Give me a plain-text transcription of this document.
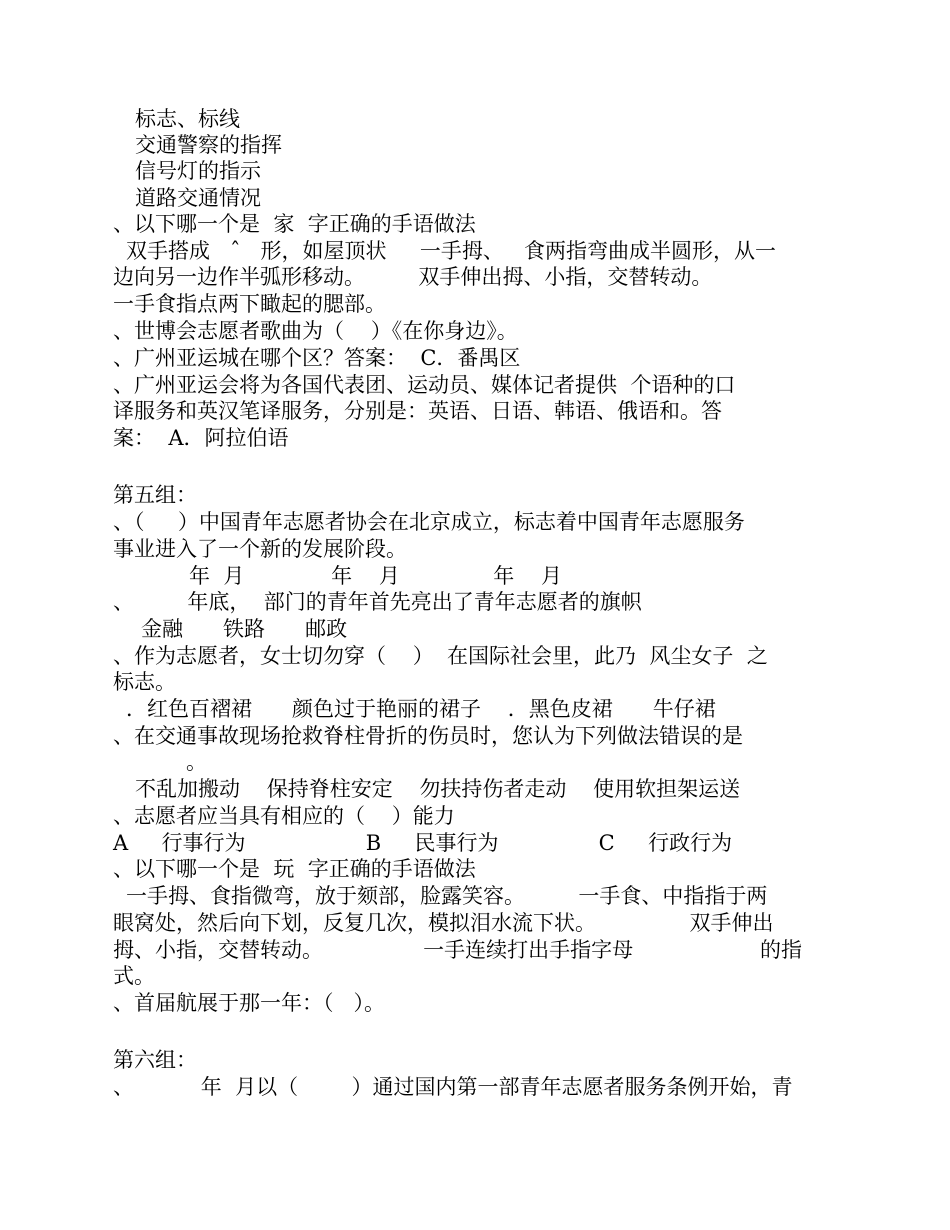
标志、标线

交通警察的指挥

信号灯的指示

道路交通情况

、以下哪一个是  家  字正确的手语做法

双手搭成   ˆ   形，如屋顶状     一手拇、   食两指弯曲成半圆形，从一

边向另一边作半弧形移动。        双手伸出拇、小指，交替转动。

一手食指点两下瞰起的腮部。

、世博会志愿者歌曲为（    ）《在你身边》。

、广州亚运城在哪个区？答案：  C．番禺区

、广州亚运会将为各国代表团、运动员、媒体记者提供  个语种的口

译服务和英汉笔译服务，分别是：英语、日语、韩语、俄语和。答

案：  A．阿拉伯语

第五组：

、（     ）中国青年志愿者协会在北京成立，标志着中国青年志愿服务

事业进入了一个新的发展阶段。

年  月             年    月              年    月

、        年底，  部门的青年首先亮出了青年志愿者的旗帜

金融      铁路      邮政

、作为志愿者，女士切勿穿（    ）  在国际社会里，此乃  风尘女子  之

标志。

．红色百褶裙      颜色过于艳丽的裙子    ．黑色皮裙      牛仔裙

、在交通事故现场抢救脊柱骨折的伤员时，您认为下列做法错误的是

。

不乱加搬动    保持脊柱安定    勿扶持伤者走动    使用软担架运送

、志愿者应当具有相应的（    ）能力

A     行事行为                  B     民事行为               C     行政行为

、以下哪一个是  玩  字正确的手语做法

一手拇、食指微弯，放于颏部，脸露笑容。        一手食、中指指于两

眼窝处，然后向下划，反复几次，模拟泪水流下状。              双手伸出

拇、小指，交替转动。               一手连续打出手指字母                   的指

式。

、首届航展于那一年：（   ）。

第六组：

、          年  月以（        ）通过国内第一部青年志愿者服务条例开始，青
